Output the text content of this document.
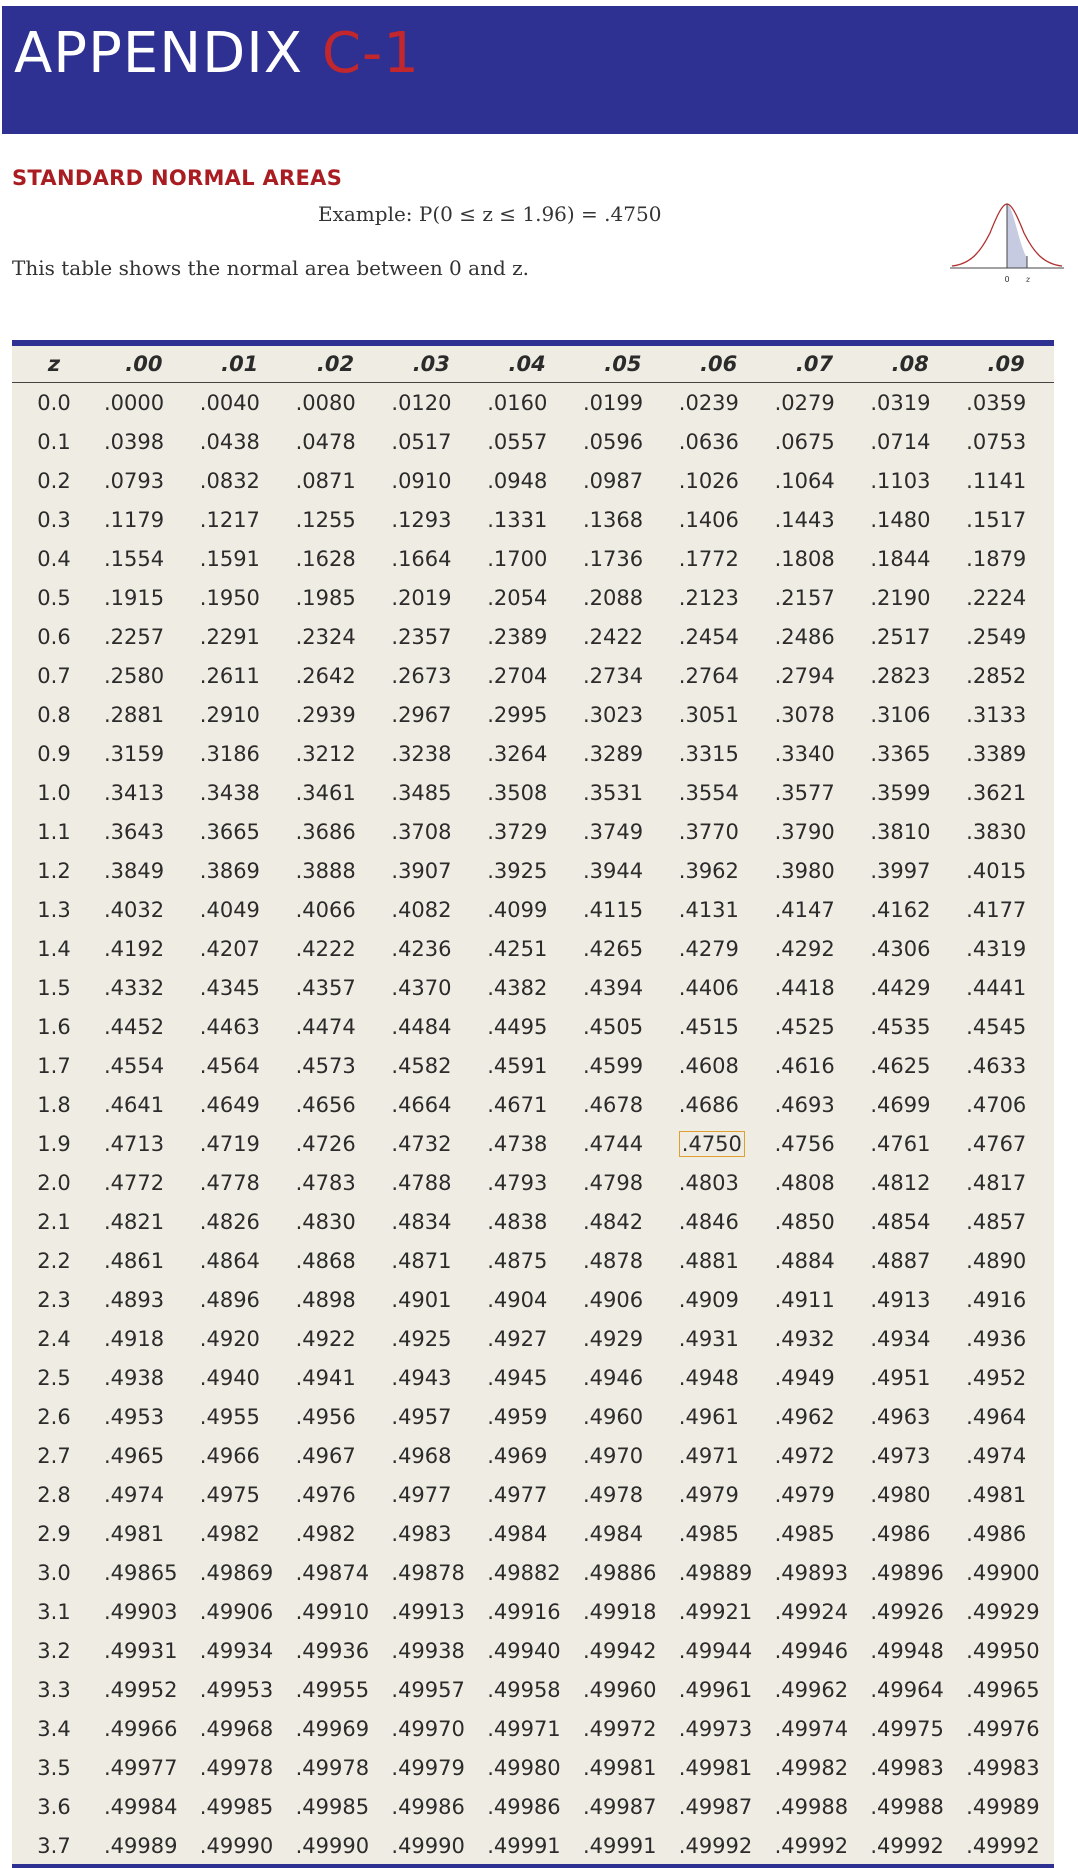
APPENDIX C-1
STANDARD NORMAL AREAS
Example: P(0 ≤ z ≤ 1.96) = .4750
This table shows the normal area between 0 and z.	0 z
z	.00	.01	.02	.03	.04	.05	.06	.07	.08	.09
0.0	.0000	.0040	.0080	.0120	.0160	.0199	.0239	.0279	.0319	.0359
0.1	.0398	.0438	.0478	.0517	.0557	.0596	.0636	.0675	.0714	.0753
0.2	.0793	.0832	.0871	.0910	.0948	.0987	.1026	.1064	.1103	.1141
0.3	.1179	.1217	.1255	.1293	.1331	.1368	.1406	.1443	.1480	.1517
0.4	.1554	.1591	.1628	.1664	.1700	.1736	.1772	.1808	.1844	.1879
0.5	.1915	.1950	.1985	.2019	.2054	.2088	.2123	.2157	.2190	.2224
0.6	.2257	.2291	.2324	.2357	.2389	.2422	.2454	.2486	.2517	.2549
0.7	.2580	.2611	.2642	.2673	.2704	.2734	.2764	.2794	.2823	.2852
0.8	.2881	.2910	.2939	.2967	.2995	.3023	.3051	.3078	.3106	.3133
0.9	.3159	.3186	.3212	.3238	.3264	.3289	.3315	.3340	.3365	.3389
1.0	.3413	.3438	.3461	.3485	.3508	.3531	.3554	.3577	.3599	.3621
1.1	.3643	.3665	.3686	.3708	.3729	.3749	.3770	.3790	.3810	.3830
1.2	.3849	.3869	.3888	.3907	.3925	.3944	.3962	.3980	.3997	.4015
1.3	.4032	.4049	.4066	.4082	.4099	.4115	.4131	.4147	.4162	.4177
1.4	.4192	.4207	.4222	.4236	.4251	.4265	.4279	.4292	.4306	.4319
1.5	.4332	.4345	.4357	.4370	.4382	.4394	.4406	.4418	.4429	.4441
1.6	.4452	.4463	.4474	.4484	.4495	.4505	.4515	.4525	.4535	.4545
1.7	.4554	.4564	.4573	.4582	.4591	.4599	.4608	.4616	.4625	.4633
1.8	.4641	.4649	.4656	.4664	.4671	.4678	.4686	.4693	.4699	.4706
1.9	.4713	.4719	.4726	.4732	.4738	.4744	.4750	.4756	.4761	.4767
2.0	.4772	.4778	.4783	.4788	.4793	.4798	.4803	.4808	.4812	.4817
2.1	.4821	.4826	.4830	.4834	.4838	.4842	.4846	.4850	.4854	.4857
2.2	.4861	.4864	.4868	.4871	.4875	.4878	.4881	.4884	.4887	.4890
2.3	.4893	.4896	.4898	.4901	.4904	.4906	.4909	.4911	.4913	.4916
2.4	.4918	.4920	.4922	.4925	.4927	.4929	.4931	.4932	.4934	.4936
2.5	.4938	.4940	.4941	.4943	.4945	.4946	.4948	.4949	.4951	.4952
2.6	.4953	.4955	.4956	.4957	.4959	.4960	.4961	.4962	.4963	.4964
2.7	.4965	.4966	.4967	.4968	.4969	.4970	.4971	.4972	.4973	.4974
2.8	.4974	.4975	.4976	.4977	.4977	.4978	.4979	.4979	.4980	.4981
2.9	.4981	.4982	.4982	.4983	.4984	.4984	.4985	.4985	.4986	.4986
3.0	.49865	.49869	.49874	.49878	.49882	.49886	.49889	.49893	.49896	.49900
3.1	.49903	.49906	.49910	.49913	.49916	.49918	.49921	.49924	.49926	.49929
3.2	.49931	.49934	.49936	.49938	.49940	.49942	.49944	.49946	.49948	.49950
3.3	.49952	.49953	.49955	.49957	.49958	.49960	.49961	.49962	.49964	.49965
3.4	.49966	.49968	.49969	.49970	.49971	.49972	.49973	.49974	.49975	.49976
3.5	.49977	.49978	.49978	.49979	.49980	.49981	.49981	.49982	.49983	.49983
3.6	.49984	.49985	.49985	.49986	.49986	.49987	.49987	.49988	.49988	.49989
3.7	.49989	.49990	.49990	.49990	.49991	.49991	.49992	.49992	.49992	.49992
